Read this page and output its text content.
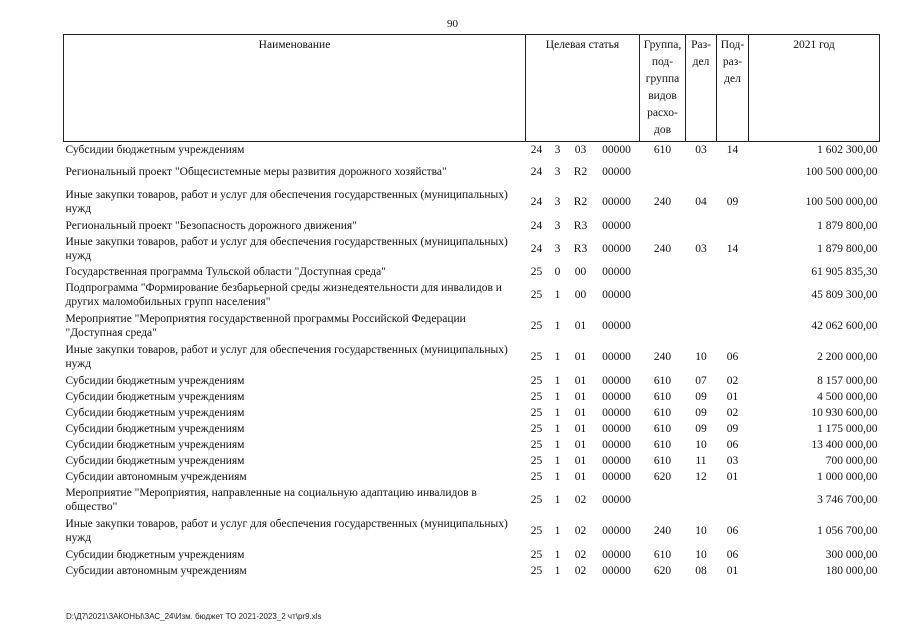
90
Наименование	Целевая статья				Группа, под- группа видов расхо- дов	Раз- дел	Под- раз- дел	2021 год
Субсидии бюджетным учреждениям	24	3	03	00000	610	03	14	1 602 300,00
Региональный проект "Общесистемные меры развития дорожного хозяйства"	24	3	R2	00000				100 500 000,00
Иные закупки товаров, работ и услуг для обеспечения государственных (муниципальных) нужд	24	3	R2	00000	240	04	09	100 500 000,00
Региональный проект "Безопасность дорожного движения"	24	3	R3	00000				1 879 800,00
Иные закупки товаров, работ и услуг для обеспечения государственных (муниципальных) нужд	24	3	R3	00000	240	03	14	1 879 800,00
Государственная программа Тульской области "Доступная среда"	25	0	00	00000				61 905 835,30
Подпрограмма "Формирование безбарьерной среды жизнедеятельности для инвалидов и других маломобильных групп населения"	25	1	00	00000				45 809 300,00
Мероприятие "Мероприятия государственной программы Российской Федерации "Доступная среда"	25	1	01	00000				42 062 600,00
Иные закупки товаров, работ и услуг для обеспечения государственных (муниципальных) нужд	25	1	01	00000	240	10	06	2 200 000,00
Субсидии бюджетным учреждениям	25	1	01	00000	610	07	02	8 157 000,00
Субсидии бюджетным учреждениям	25	1	01	00000	610	09	01	4 500 000,00
Субсидии бюджетным учреждениям	25	1	01	00000	610	09	02	10 930 600,00
Субсидии бюджетным учреждениям	25	1	01	00000	610	09	09	1 175 000,00
Субсидии бюджетным учреждениям	25	1	01	00000	610	10	06	13 400 000,00
Субсидии бюджетным учреждениям	25	1	01	00000	610	11	03	700 000,00
Субсидии автономным учреждениям	25	1	01	00000	620	12	01	1 000 000,00
Мероприятие "Мероприятия, направленные на социальную адаптацию инвалидов в общество"	25	1	02	00000				3 746 700,00
Иные закупки товаров, работ и услуг для обеспечения государственных (муниципальных) нужд	25	1	02	00000	240	10	06	1 056 700,00
Субсидии бюджетным учреждениям	25	1	02	00000	610	10	06	300 000,00
Субсидии автономным учреждениям	25	1	02	00000	620	08	01	180 000,00
D:\Д7\2021\ЗАКОНЫ\ЗАС_24\Изм. бюджет ТО 2021-2023_2 чт\pr9.xls
